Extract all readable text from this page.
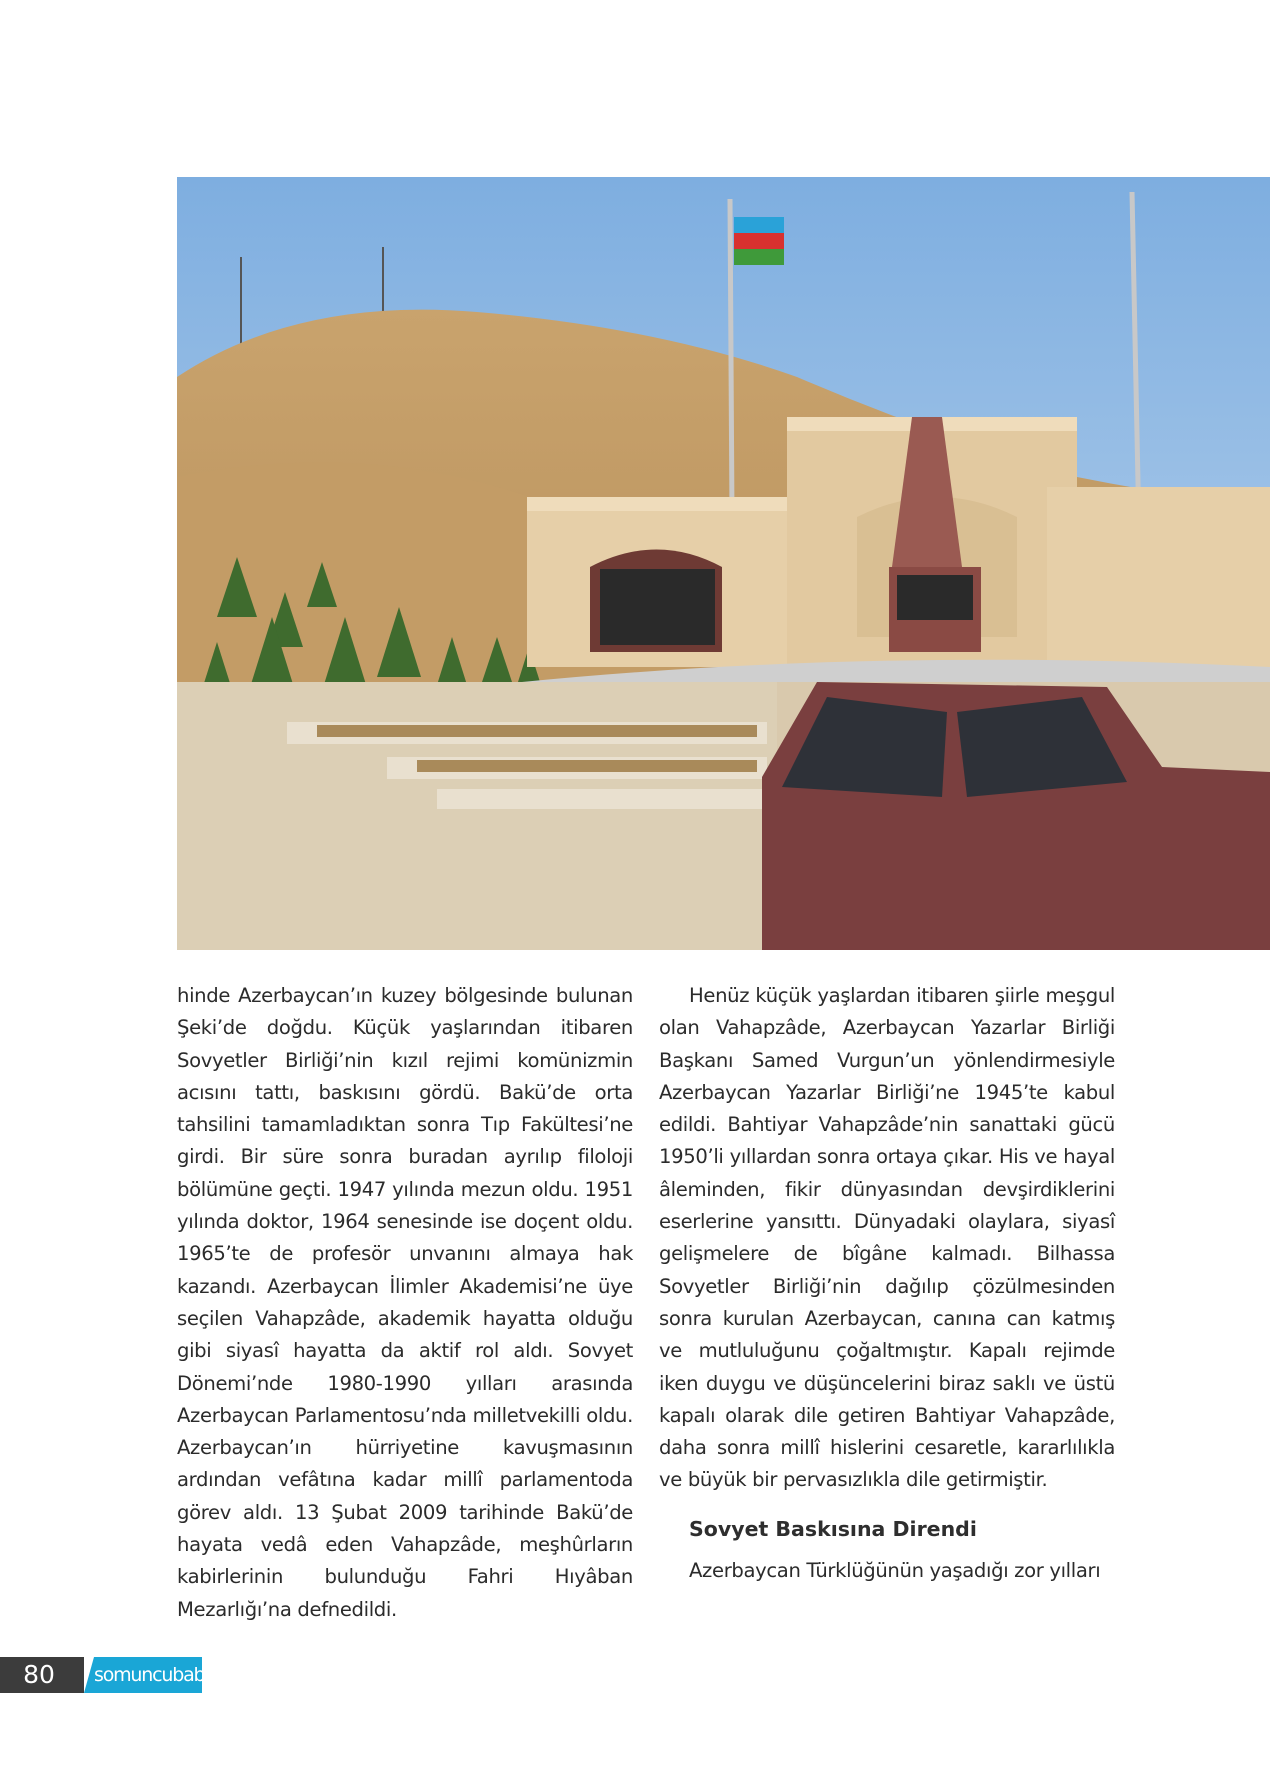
hinde Azerbaycan’ın kuzey bölgesinde bulunan Şeki’de doğdu. Küçük yaşlarından itibaren Sovyetler Birliği’nin kızıl rejimi komünizmin acısını tattı, baskısını gördü. Bakü’de orta tahsilini tamamladıktan sonra Tıp Fakültesi’ne girdi. Bir süre sonra buradan ayrılıp filoloji bölümüne geçti. 1947 yılında mezun oldu. 1951 yılında doktor, 1964 senesinde ise doçent oldu. 1965’te de profesör unvanını almaya hak kazandı. Azerbaycan İlimler Akademisi’ne üye seçilen Vahapzâde, akademik hayatta olduğu gibi siyasî hayatta da aktif rol aldı. Sovyet Dönemi’nde 1980-1990 yılları arasında Azerbaycan Parlamentosu’nda milletvekilli oldu. Azerbaycan’ın hürriyetine kavuşmasının ardından vefâtına kadar millî parlamentoda görev aldı. 13 Şubat 2009 tarihinde Bakü’de hayata vedâ eden Vahapzâde, meşhûrların kabirlerinin bulunduğu Fahri Hıyâban Mezarlığı’na defnedildi.

Henüz küçük yaşlardan itibaren şiirle meşgul olan Vahapzâde, Azerbaycan Yazarlar Birliği Başkanı Samed Vurgun’un yönlendirmesiyle Azerbaycan Yazarlar Birliği’ne 1945’te kabul edildi. Bahtiyar Vahapzâde’nin sanattaki gücü 1950’li yıllardan sonra ortaya çıkar. His ve hayal âleminden, fikir dünyasından devşirdiklerini eserlerine yansıttı. Dünyadaki olaylara, siyasî gelişmelere de bîgâne kalmadı. Bilhassa Sovyetler Birliği’nin dağılıp çözülmesinden sonra kurulan Azerbaycan, canına can katmış ve mutluluğunu çoğaltmıştır. Kapalı rejimde iken duygu ve düşüncelerini biraz saklı ve üstü kapalı olarak dile getiren Bahtiyar Vahapzâde, daha sonra millî hislerini cesaretle, kararlılıkla ve büyük bir pervasızlıkla dile getirmiştir.

Sovyet Baskısına Direndi

Azerbaycan Türklüğünün yaşadığı zor yılları

80	somuncubaba
